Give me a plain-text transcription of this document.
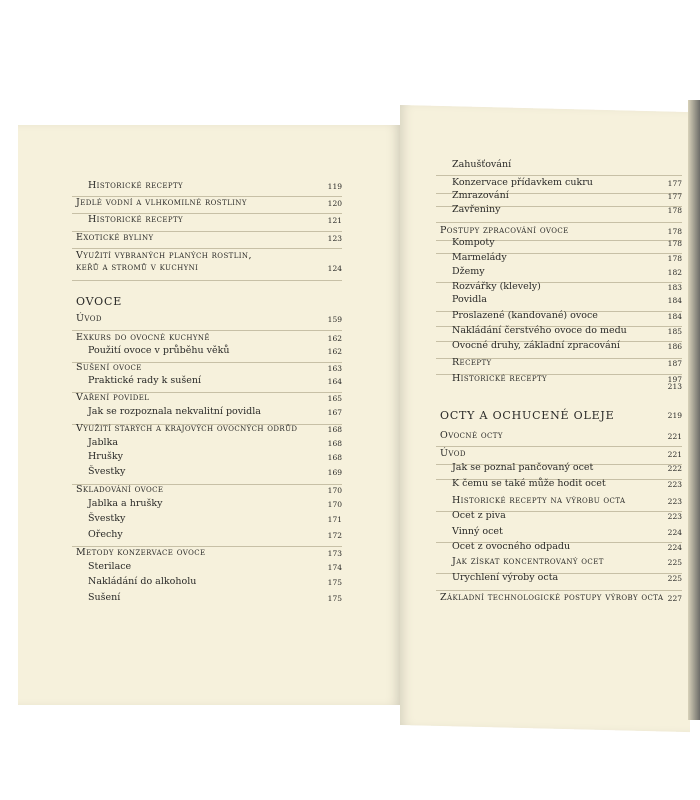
Historické recepty	119
Jedlé vodní a vlhkomilné rostliny	120
Historické recepty	121
Exotické byliny	123
Využití vybraných planých rostlin,
keřů a stromů v kuchyni	124
OVOCE
Úvod	159
Exkurs do ovocné kuchyně	162
Použití ovoce v průběhu věků	162
Sušení ovoce	163
Praktické rady k sušení	164
Vaření povidel	165
Jak se rozpoznala nekvalitní povidla	167
Využití starých a krajových ovocných odrůd	168
Jablka	168
Hrušky	168
Švestky	169
Skladování ovoce	170
Jablka a hrušky	170
Švestky	171
Ořechy	172
Metody konzervace ovoce	173
Sterilace	174
Nakládání do alkoholu	175
Sušení	175
Zahušťování
Konzervace přídavkem cukru	177
Zmrazování	177
Zavřeniny	178
Postupy zpracování ovoce	178
Kompoty	178
Marmelády	178
Džemy	182
Rozvářky (klevely)	183
Povidla	184
Proslazené (kandované) ovoce	184
Nakládání čerstvého ovoce do medu	185
Ovocné druhy, základní zpracování	186
Recepty	187
Historické recepty	197
213
OCTY A OCHUCENÉ OLEJE	219
Ovocné octy	221
Úvod	221
Jak se poznal pančovaný ocet	222
K čemu se také může hodit ocet	223
Historické recepty na výrobu octa	223
Ocet z piva	223
Vinný ocet	224
Ocet z ovocného odpadu	224
Jak získat koncentrovaný ocet	225
Urychlení výroby octa	225
Základní technologické postupy výroby octa 227
